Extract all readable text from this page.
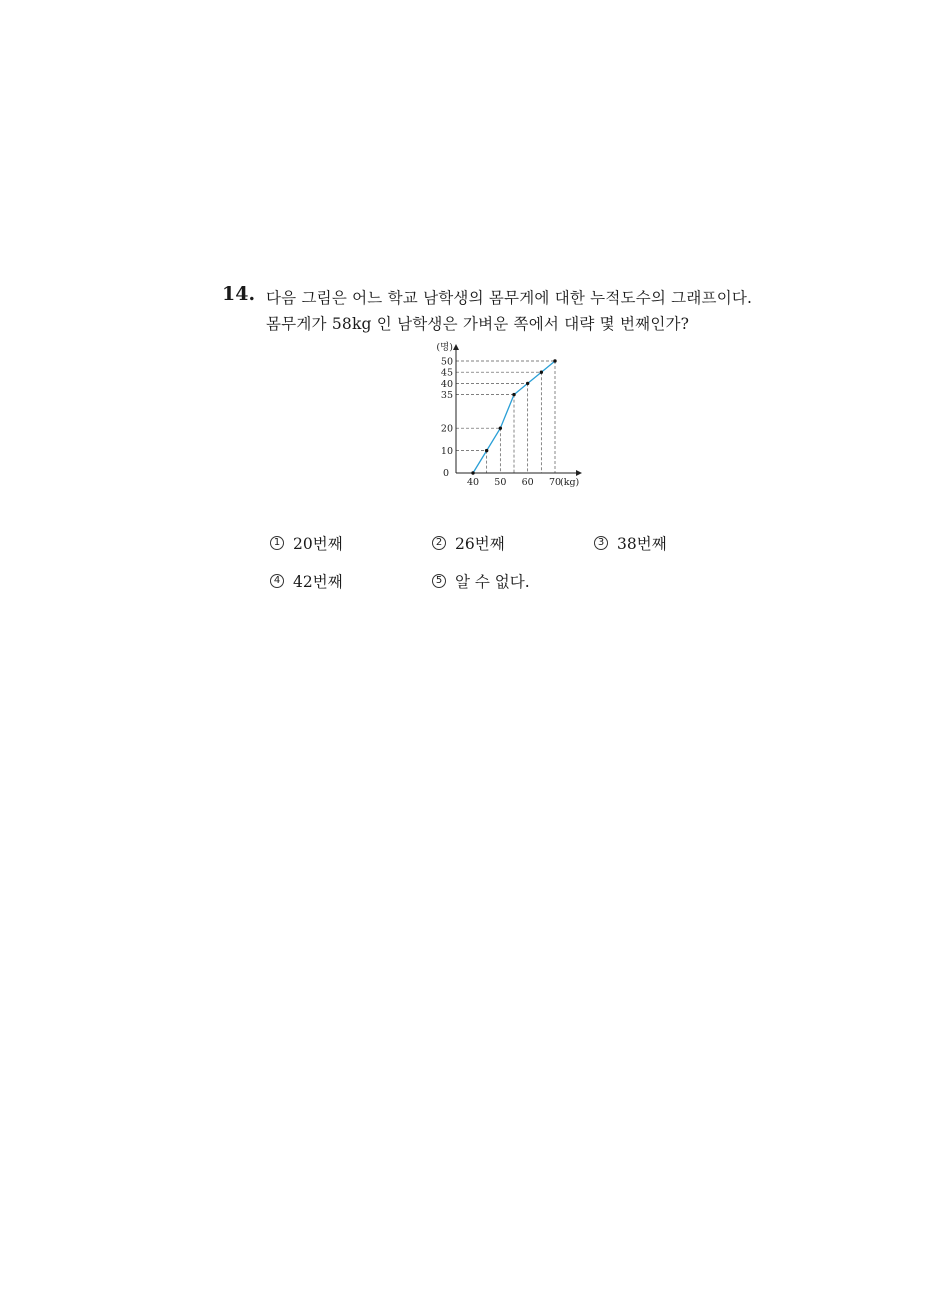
14. 다음 그림은 어느 학교 남학생의 몸무게에 대한 누적도수의 그래프이다.
몸무게가 58kg 인 남학생은 가벼운 쪽에서 대략 몇 번째인가?
10
20
35
40
45
50
0
(명)
40 50 60 70
(kg)
1 20번째	2 26번째	3 38번째
4 42번째	5 알 수 없다.
